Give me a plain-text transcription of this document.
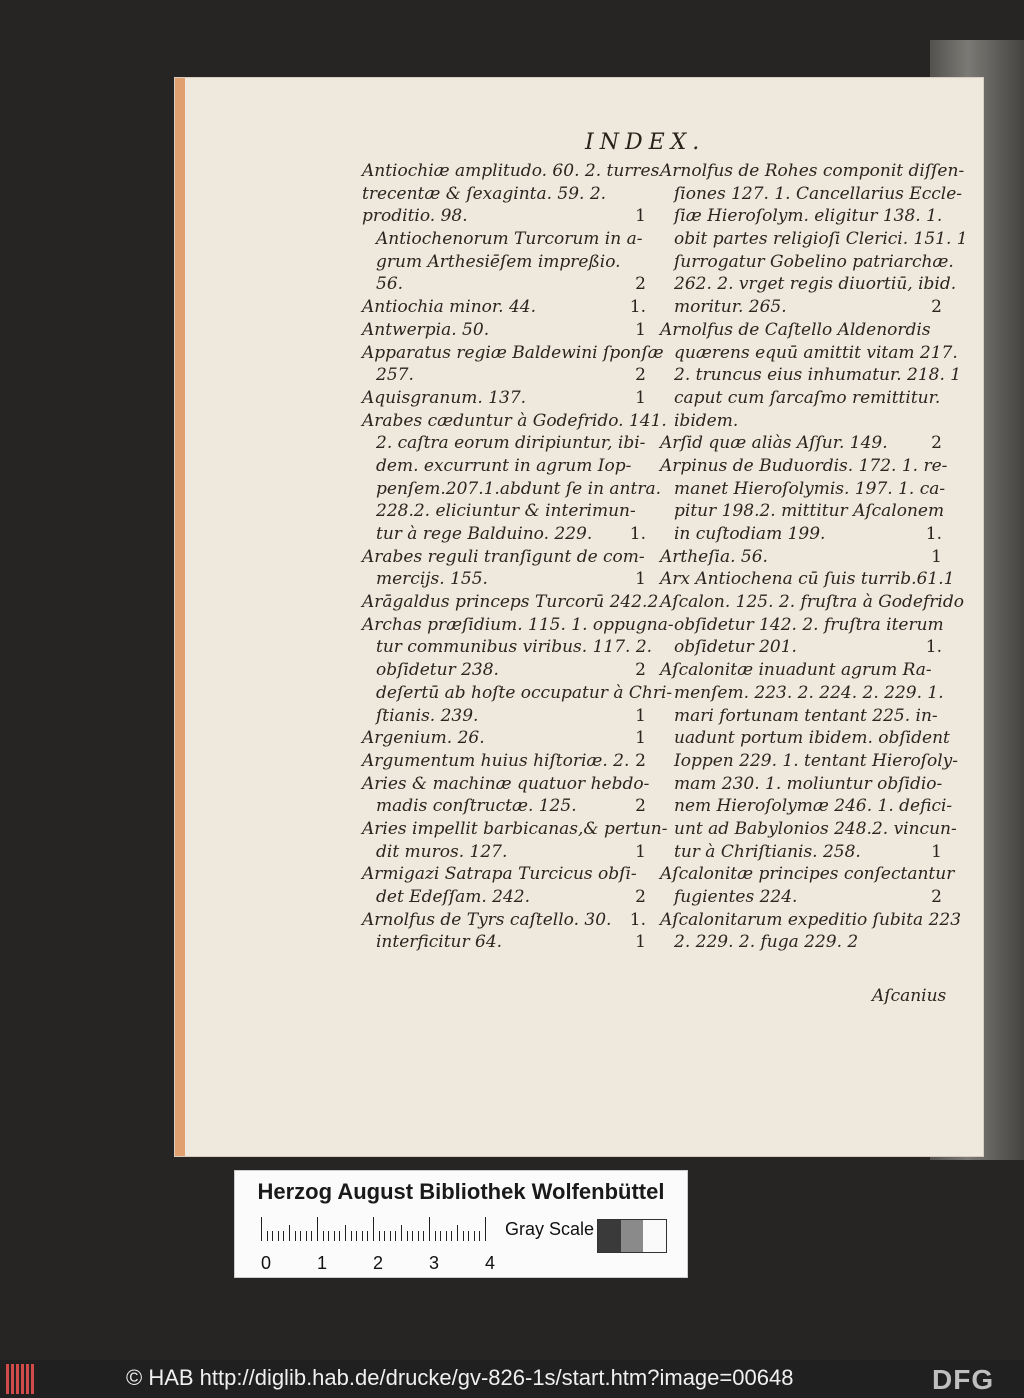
INDEX.
Antiochiæ amplitudo. 60. 2. turres
trecentæ & ſexaginta. 59. 2.
proditio. 98.	1
Antiochenorum Turcorum in a-
grum Arthesiēſem impreßio.
56.	2
Antiochia minor. 44.	1.
Antwerpia. 50.	1
Apparatus regiæ Baldewini ſponſæ
257.	2
Aquisgranum. 137.	1
Arabes cæduntur à Godefrido. 141.
2. caſtra eorum diripiuntur, ibi-
dem. excurrunt in agrum Iop-
penſem.207.1.abdunt ſe in antra.
228.2. eliciuntur & interimun-
tur à rege Balduino. 229.	1.
Arabes reguli tranſigunt de com-
mercijs. 155.	1
Arāgaldus princeps Turcorū 242.2
Archas præſidium. 115. 1. oppugna-
tur communibus viribus. 117. 2.
obſidetur 238.	2
deſertū ab hoſte occupatur à Chri-
ſtianis. 239.	1
Argenium. 26.	1
Argumentum huius hiſtoriæ. 2. 2
Aries & machinæ quatuor hebdo-
madis conſtructæ. 125.	2
Aries impellit barbicanas,& pertun-
dit muros. 127.	1
Armigazi Satrapa Turcicus obſi-
det Edeſſam. 242.	2
Arnolfus de Tyrs caſtello. 30.	1.
interficitur 64.	1
Arnolfus de Rohes componit diſſen-
ſiones 127. 1. Cancellarius Eccle-
ſiæ Hieroſolym. eligitur 138. 1.
obit partes religioſi Clerici. 151. 1
ſurrogatur Gobelino patriarchæ.
262. 2. vrget regis diuortiū, ibid.
moritur. 265.	2
Arnolfus de Caſtello Aldenordis
quærens equū amittit vitam 217.
2. truncus eius inhumatur. 218. 1
caput cum ſarcaſmo remittitur.
ibidem.
Arſid quæ aliàs Aſſur. 149.	2
Arpinus de Buduordis. 172. 1. re-
manet Hieroſolymis. 197. 1. ca-
pitur 198.2. mittitur Aſcalonem
in cuſtodiam 199.	1.
Artheſia. 56.	1
Arx Antiochena cū ſuis turrib.61.1
Aſcalon. 125. 2. fruſtra à Godefrido
obſidetur 142. 2. fruſtra iterum
obſidetur 201.	1.
Aſcalonitæ inuadunt agrum Ra-
menſem. 223. 2. 224. 2. 229. 1.
mari fortunam tentant 225. in-
uadunt portum ibidem. obſident
Ioppen 229. 1. tentant Hieroſoly-
mam 230. 1. moliuntur obſidio-
nem Hieroſolymæ 246. 1. defici-
unt ad Babylonios 248.2. vincun-
tur à Chriſtianis. 258.	1
Aſcalonitæ principes conſectantur
fugientes 224.	2
Aſcalonitarum expeditio ſubita 223
2. 229. 2. fuga 229. 2
Aſcanius
Herzog August Bibliothek Wolfenbüttel
0	1	2	3	4
Gray Scale
© HAB http://diglib.hab.de/drucke/gv-826-1s/start.htm?image=00648	DFG
